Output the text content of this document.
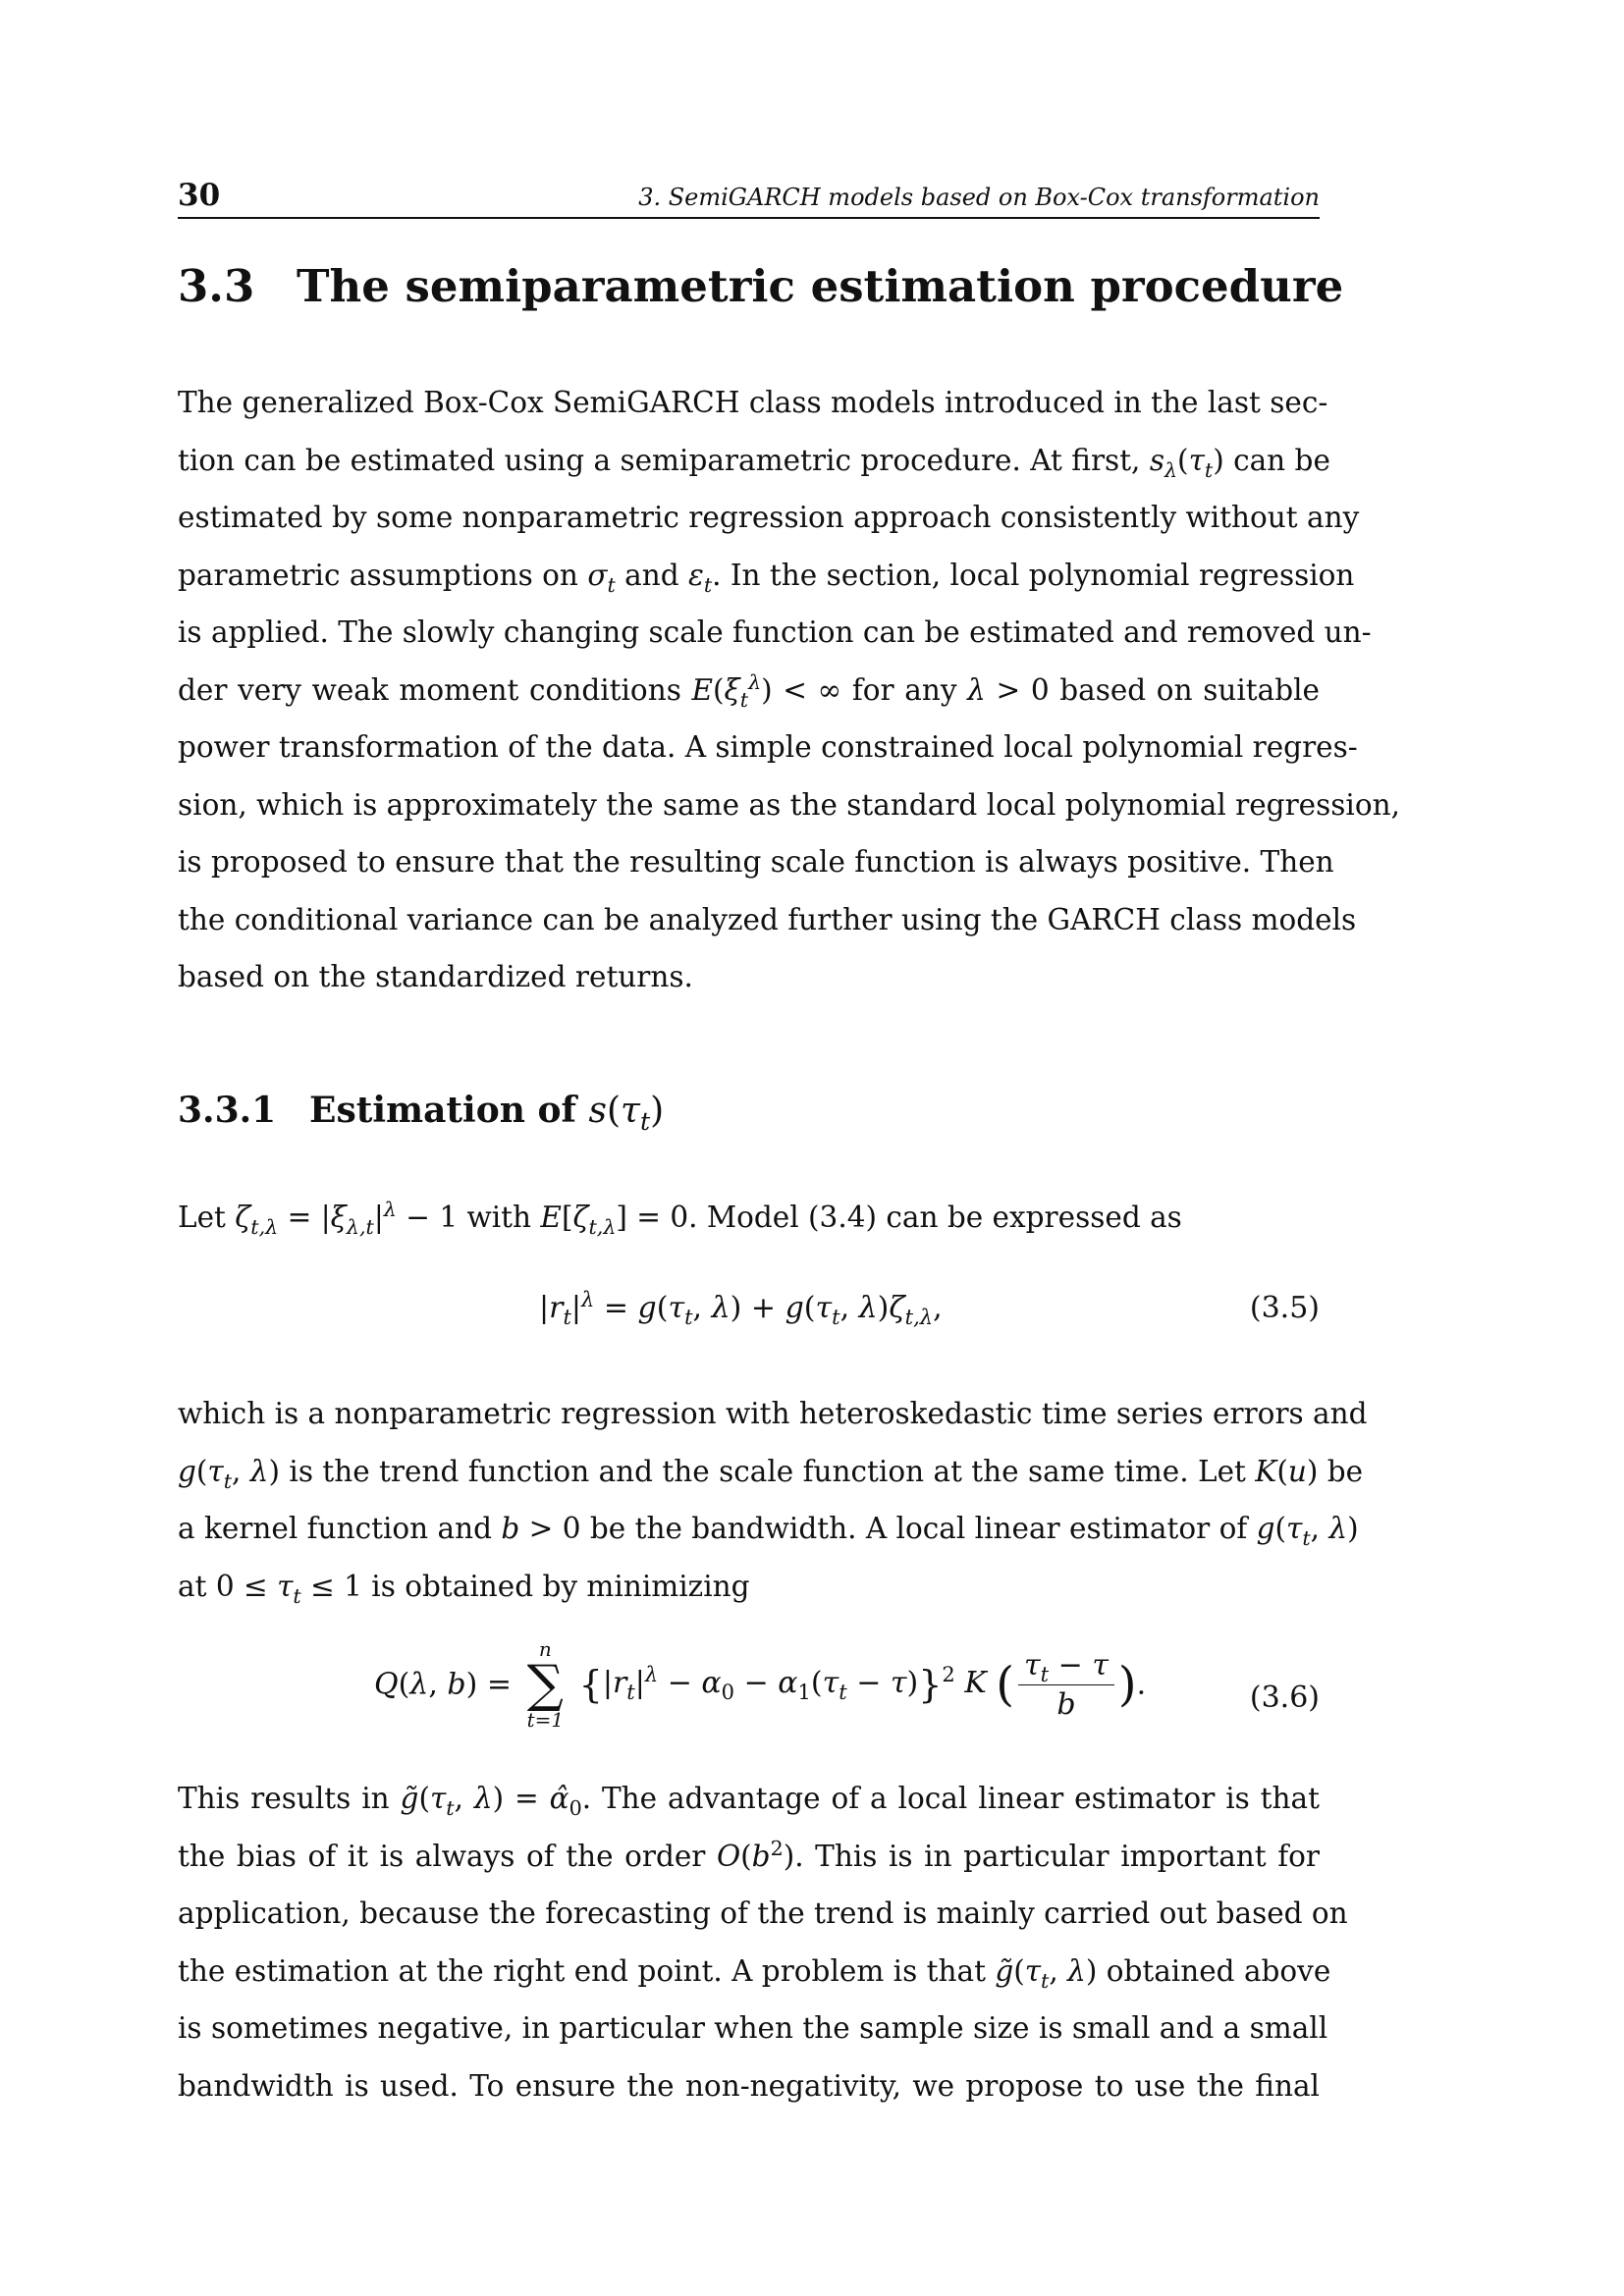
30	3. SemiGARCH models based on Box-Cox transformation
3.3 The semiparametric estimation procedure
The generalized Box-Cox SemiGARCH class models introduced in the last sec-
tion can be estimated using a semiparametric procedure. At first, $s_\lambda(\tau_t)$ can be
estimated by some nonparametric regression approach consistently without any
parametric assumptions on $\sigma_t$ and $\varepsilon_t$. In the section, local polynomial regression
is applied. The slowly changing scale function can be estimated and removed un-
der very weak moment conditions $E(\xi_t^\lambda)$ < ∞ for any λ > 0 based on suitable
power transformation of the data. A simple constrained local polynomial regres-
sion, which is approximately the same as the standard local polynomial regression,
is proposed to ensure that the resulting scale function is always positive. Then
the conditional variance can be analyzed further using the GARCH class models
based on the standardized returns.
3.3.1 Estimation of $s(\tau_t)$
Let $\zeta_{t,\lambda} = |\xi_{\lambda,t}|^\lambda - 1$ with $E[\zeta_{t,\lambda}] = 0$. Model (3.4) can be expressed as
$|r_t|^\lambda = g(\tau_t$, $\lambda) + g(\tau_t$, $\lambda)\zeta_{t,\lambda}$,	(3.5)
which is a nonparametric regression with heteroskedastic time series errors and
$g(\tau_t$, λ) is the trend function and the scale function at the same time. Let K(u) be
a kernel function and b > 0 be the bandwidth. A local linear estimator of $g(\tau_t$, λ)
at $0 \le \tau_t \le 1$ is obtained by minimizing
Q(λ, b) =
n
∑
t=1
$\{|r_t|^\lambda - \alpha_0 - \alpha_1(\tau_t - \tau)\}^2$ K ( $\frac{\tau_t - \tau}{b}$ ).	(3.6)
This results in $g̃(\tau_t$, $\lambda) = \alphâ_0$. The advantage of a local linear estimator is that
the bias of it is always of the order $O(b^2)$. This is in particular important for
application, because the forecasting of the trend is mainly carried out based on
the estimation at the right end point. A problem is that $g̃(\tau_t$, λ) obtained above
is sometimes negative, in particular when the sample size is small and a small
bandwidth is used. To ensure the non-negativity, we propose to use the final
